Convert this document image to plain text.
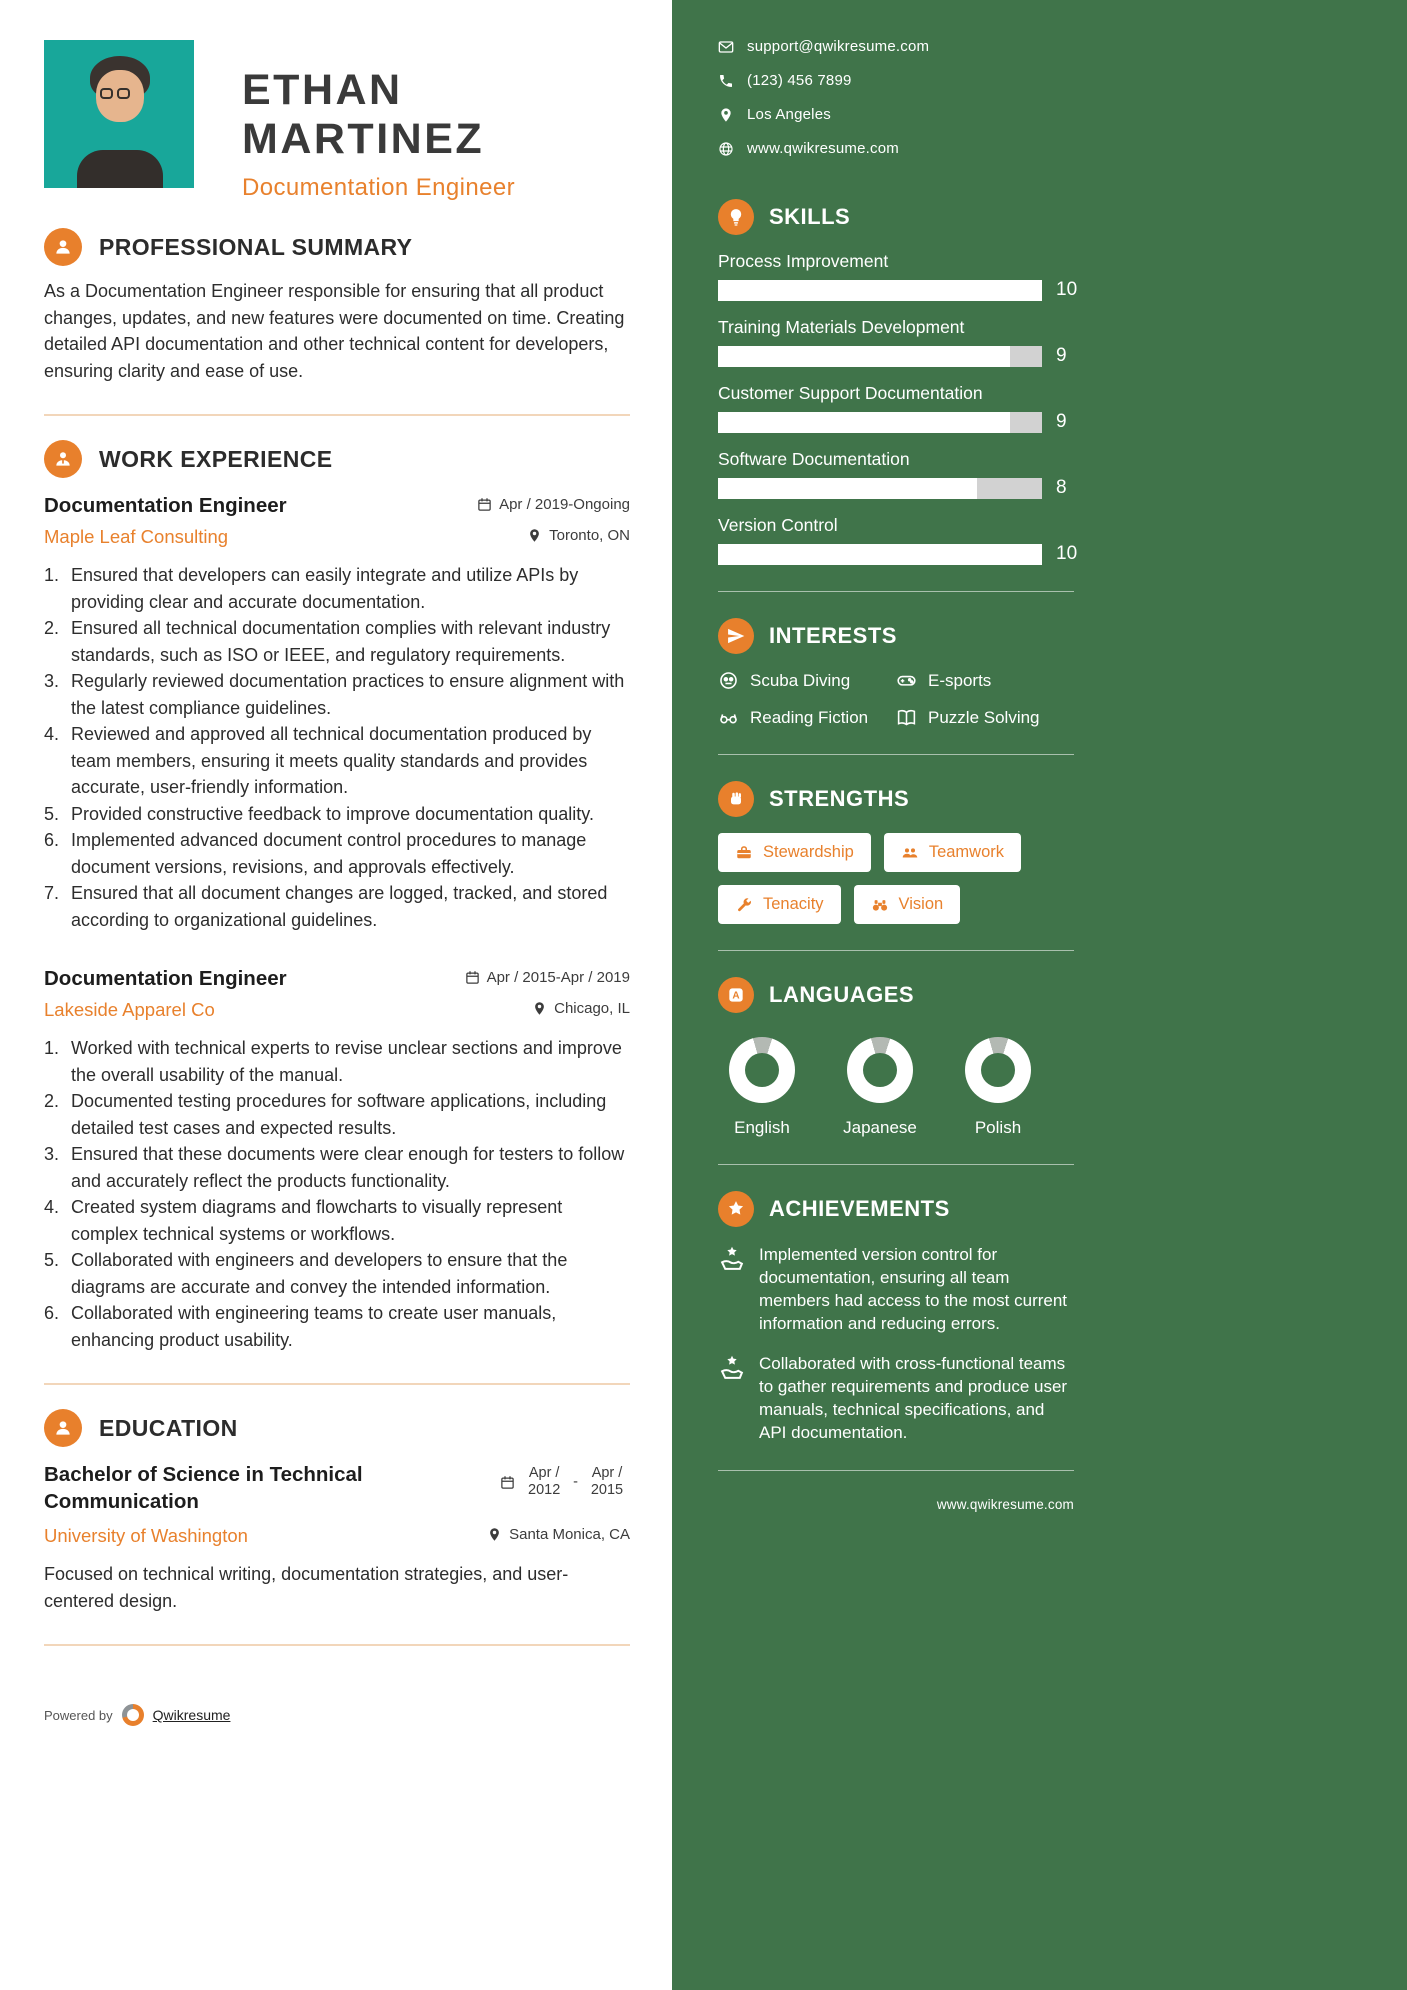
ETHAN MARTINEZ
Documentation Engineer
PROFESSIONAL SUMMARY

As a Documentation Engineer responsible for ensuring that all product changes, updates, and new features were documented on time. Creating detailed API documentation and other technical content for developers, ensuring clarity and ease of use.

WORK EXPERIENCE
Documentation Engineer	Apr / 2019-Ongoing
Maple Leaf Consulting	Toronto, ON
Ensured that developers can easily integrate and utilize APIs by providing clear and accurate documentation.
Ensured all technical documentation complies with relevant industry standards, such as ISO or IEEE, and regulatory requirements.
Regularly reviewed documentation practices to ensure alignment with the latest compliance guidelines.
Reviewed and approved all technical documentation produced by team members, ensuring it meets quality standards and provides accurate, user-friendly information.
Provided constructive feedback to improve documentation quality.
Implemented advanced document control procedures to manage document versions, revisions, and approvals effectively.
Ensured that all document changes are logged, tracked, and stored according to organizational guidelines.
Documentation Engineer	Apr / 2015-Apr / 2019
Lakeside Apparel Co	Chicago, IL
Worked with technical experts to revise unclear sections and improve the overall usability of the manual.
Documented testing procedures for software applications, including detailed test cases and expected results.
Ensured that these documents were clear enough for testers to follow and accurately reflect the products functionality.
Created system diagrams and flowcharts to visually represent complex technical systems or workflows.
Collaborated with engineers and developers to ensure that the diagrams are accurate and convey the intended information.
Collaborated with engineering teams to create user manuals, enhancing product usability.
EDUCATION
Bachelor of Science in Technical Communication
Apr / 2012 -
Apr / 2015
University of Washington	Santa Monica, CA

Focused on technical writing, documentation strategies, and user-centered design.

Powered by	Qwikresume
support@qwikresume.com
(123) 456 7899
Los Angeles
www.qwikresume.com
SKILLS
Process Improvement
10
Training Materials Development
9
Customer Support Documentation
9
Software Documentation
8
Version Control
10
INTERESTS
Scuba Diving	E-sports
Reading Fiction	Puzzle Solving
STRENGTHS
Stewardship	Teamwork
Tenacity	Vision
A LANGUAGES
English	Japanese	Polish
ACHIEVEMENTS

Implemented version control for documentation, ensuring all team members had access to the most current information and reducing errors.

Collaborated with cross-functional teams to gather requirements and produce user manuals, technical specifications, and API documentation.

www.qwikresume.com
